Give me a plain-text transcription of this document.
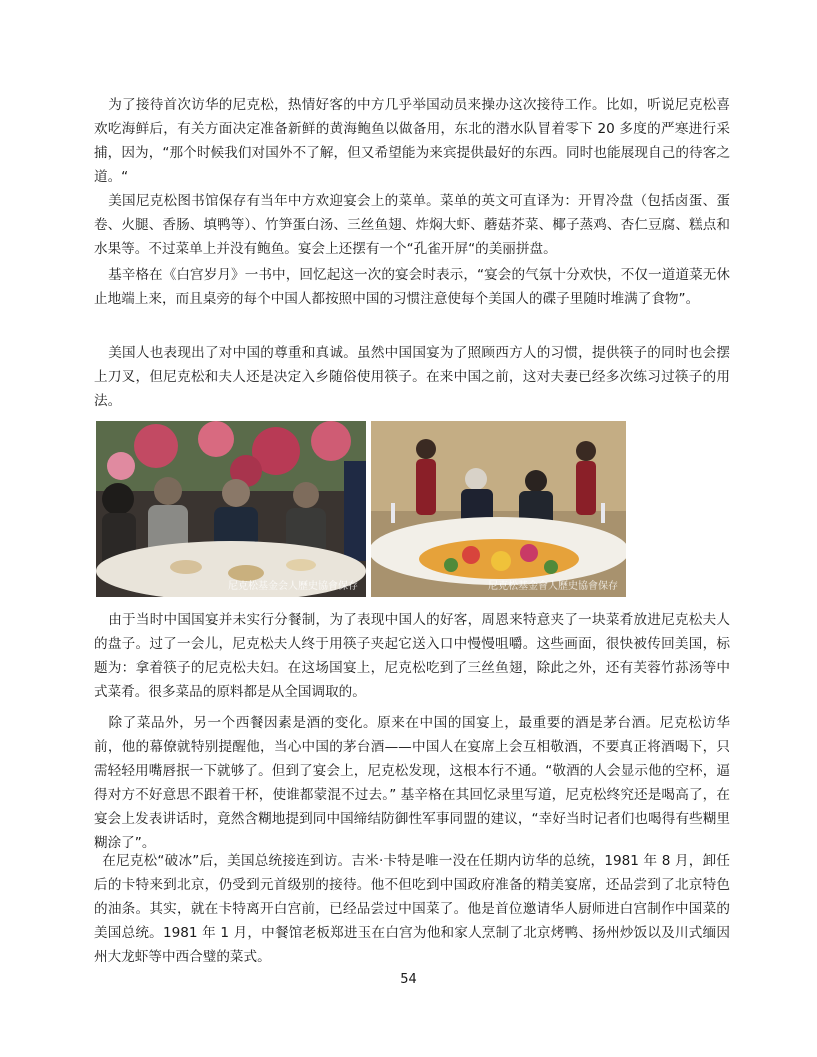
为了接待首次访华的尼克松，热情好客的中方几乎举国动员来操办这次接待工作。比如，听说尼克松喜欢吃海鲜后，有关方面决定准备新鲜的黄海鲍鱼以做备用，东北的潜水队冒着零下 20 多度的严寒进行采捕，因为，“那个时候我们对国外不了解，但又希望能为来宾提供最好的东西。同时也能展现自己的待客之道。“

美国尼克松图书馆保存有当年中方欢迎宴会上的菜单。菜单的英文可直译为：开胃冷盘（包括卤蛋、蛋卷、火腿、香肠、填鸭等）、竹笋蛋白汤、三丝鱼翅、炸焖大虾、蘑菇芥菜、椰子蒸鸡、杏仁豆腐、糕点和水果等。不过菜单上并没有鲍鱼。宴会上还摆有一个“孔雀开屏“的美丽拼盘。

基辛格在《白宫岁月》一书中，回忆起这一次的宴会时表示，“宴会的气氛十分欢快，不仅一道道菜无休止地端上来，而且桌旁的每个中国人都按照中国的习惯注意使每个美国人的碟子里随时堆满了食物”。

美国人也表现出了对中国的尊重和真诚。虽然中国国宴为了照顾西方人的习惯，提供筷子的同时也会摆上刀叉，但尼克松和夫人还是决定入乡随俗使用筷子。在来中国之前，这对夫妻已经多次练习过筷子的用法。

尼克松基金会人歷史協會保存	尼克松基金會人歷史協會保存

由于当时中国国宴并未实行分餐制，为了表现中国人的好客，周恩来特意夹了一块菜肴放进尼克松夫人的盘子。过了一会儿，尼克松夫人终于用筷子夹起它送入口中慢慢咀嚼。这些画面，很快被传回美国，标题为：拿着筷子的尼克松夫妇。在这场国宴上，尼克松吃到了三丝鱼翅，除此之外，还有芙蓉竹荪汤等中式菜肴。很多菜品的原料都是从全国调取的。

除了菜品外，另一个西餐因素是酒的变化。原来在中国的国宴上，最重要的酒是茅台酒。尼克松访华前，他的幕僚就特别提醒他，当心中国的茅台酒——中国人在宴席上会互相敬酒，不要真正将酒喝下，只需轻轻用嘴唇抿一下就够了。但到了宴会上，尼克松发现，这根本行不通。“敬酒的人会显示他的空杯，逼得对方不好意思不跟着干杯，使谁都蒙混不过去。” 基辛格在其回忆录里写道，尼克松终究还是喝高了，在宴会上发表讲话时，竟然含糊地提到同中国缔结防御性军事同盟的建议，“幸好当时记者们也喝得有些糊里糊涂了”。

在尼克松“破冰”后，美国总统接连到访。吉米·卡特是唯一没在任期内访华的总统，1981 年 8 月，卸任后的卡特来到北京，仍受到元首级别的接待。他不但吃到中国政府准备的精美宴席，还品尝到了北京特色的油条。其实，就在卡特离开白宫前，已经品尝过中国菜了。他是首位邀请华人厨师进白宫制作中国菜的美国总统。1981 年 1 月，中餐馆老板郑进玉在白宫为他和家人烹制了北京烤鸭、扬州炒饭以及川式缅因州大龙虾等中西合璧的菜式。

54
